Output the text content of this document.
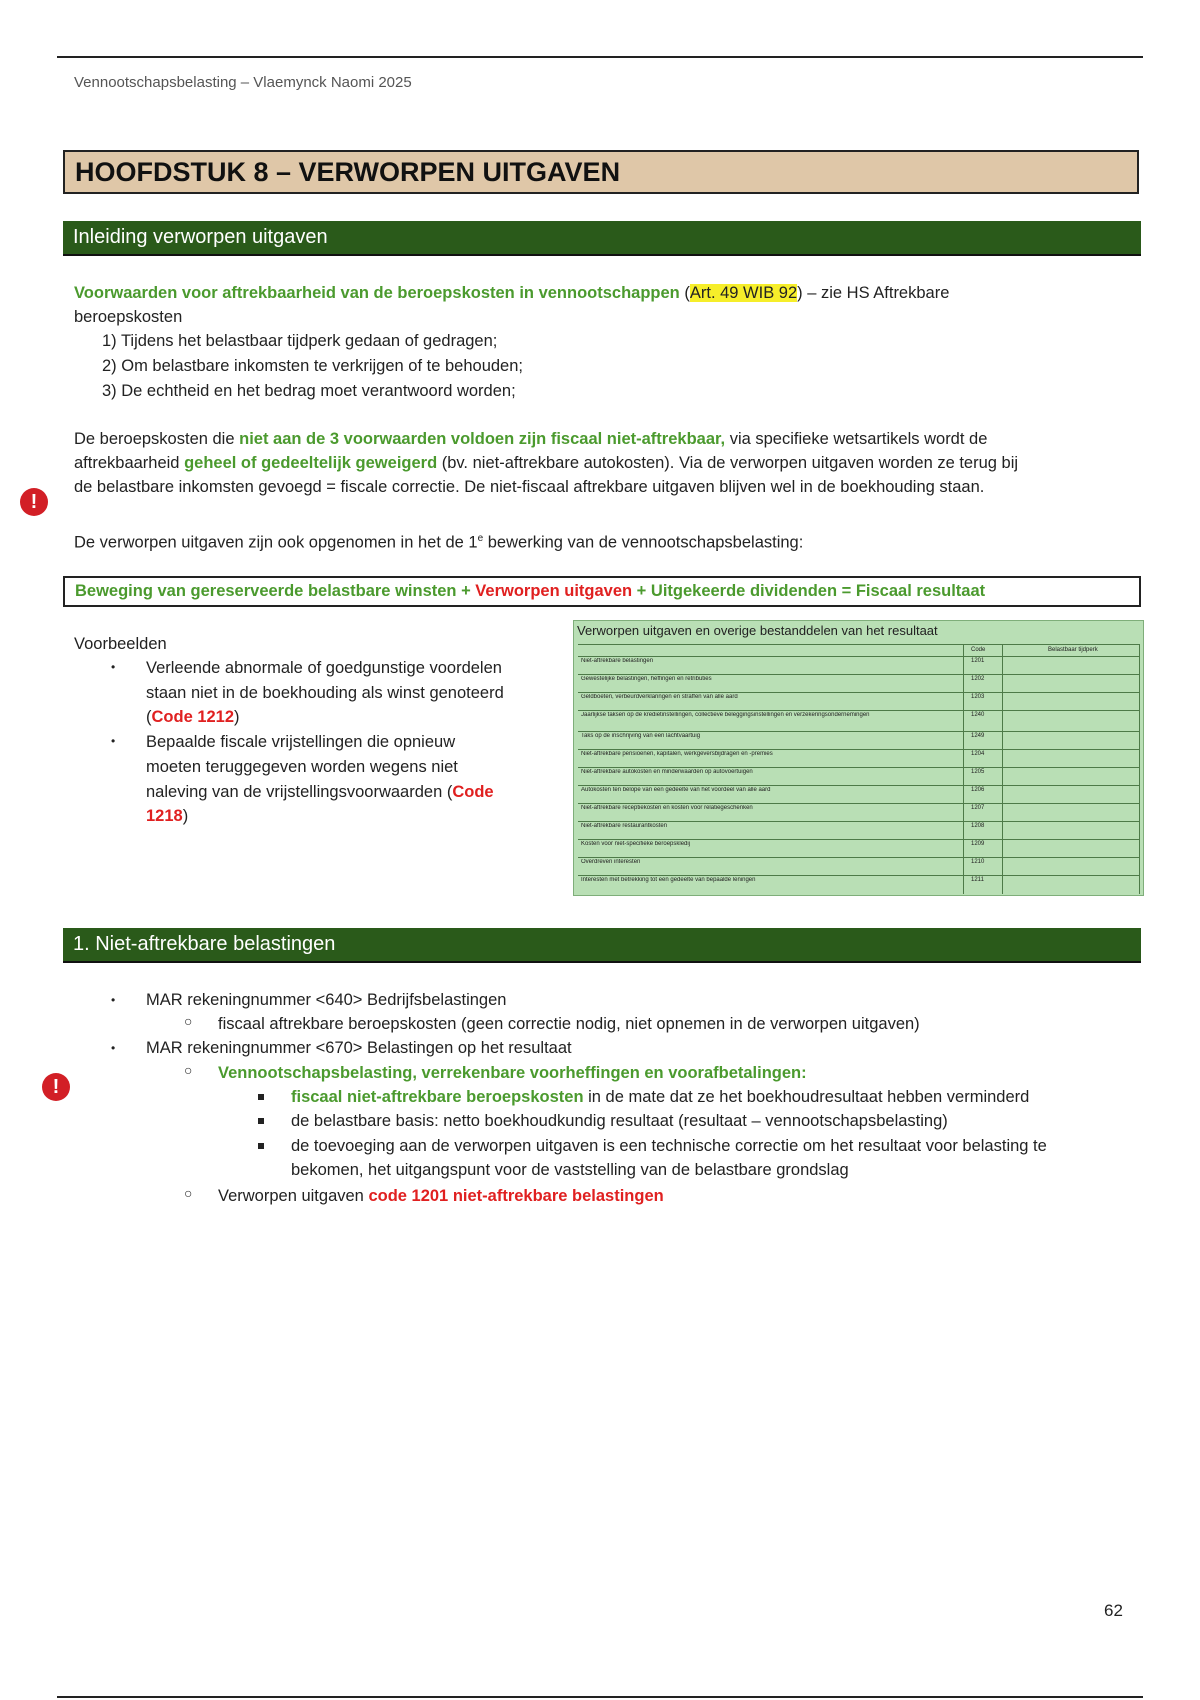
Vennootschapsbelasting – Vlaemynck Naomi 2025
HOOFDSTUK 8 – VERWORPEN UITGAVEN
Inleiding verworpen uitgaven
Voorwaarden voor aftrekbaarheid van de beroepskosten in vennootschappen (Art. 49 WIB 92) – zie HS Aftrekbare
beroepskosten
1) Tijdens het belastbaar tijdperk gedaan of gedragen;
2) Om belastbare inkomsten te verkrijgen of te behouden;
3) De echtheid en het bedrag moet verantwoord worden;
De beroepskosten die niet aan de 3 voorwaarden voldoen zijn fiscaal niet-aftrekbaar, via specifieke wetsartikels wordt de
aftrekbaarheid geheel of gedeeltelijk geweigerd (bv. niet-aftrekbare autokosten). Via de verworpen uitgaven worden ze terug bij
de belastbare inkomsten gevoegd = fiscale correctie. De niet-fiscaal aftrekbare uitgaven blijven wel in de boekhouding staan.
!
De verworpen uitgaven zijn ook opgenomen in het de 1e bewerking van de vennootschapsbelasting:
Beweging van gereserveerde belastbare winsten + Verworpen uitgaven + Uitgekeerde dividenden = Fiscaal resultaat
Voorbeelden
• Verleende abnormale of goedgunstige voordelen
staan niet in de boekhouding als winst genoteerd
(Code 1212)
• Bepaalde fiscale vrijstellingen die opnieuw
moeten teruggegeven worden wegens niet
naleving van de vrijstellingsvoorwaarden (Code
1218)
Verworpen uitgaven en overige bestanddelen van het resultaat
Code	Belastbaar tijdperk
Niet-aftrekbare belastingen	1201
Gewestelijke belastingen, heffingen en retributies	1202
Geldboeten, verbeurdverklaringen en straffen van alle aard	1203
Jaarlijkse taksen op de kredietinstellingen, collectieve beleggingsinstellingen en verzekeringsondernemingen	1240
Taks op de inschrijving van een lachtvaartuig	1249
Niet-aftrekbare pensioenen, kapitalen, werkgeversbijdragen en -premies	1204
Niet-aftrekbare autokosten en minderwaarden op autovoertuigen	1205
Autokosten ten belope van een gedeelte van het voordeel van alle aard	1206
Niet-aftrekbare receptiekosten en kosten voor relatiegeschenken	1207
Niet-aftrekbare restaurantkosten	1208
Kosten voor niet-specifieke beroepskledij	1209
Overdreven interesten	1210
Interesten met betrekking tot een gedeelte van bepaalde leningen	1211
1. Niet-aftrekbare belastingen
• MAR rekeningnummer <640> Bedrijfsbelastingen
○ fiscaal aftrekbare beroepskosten (geen correctie nodig, niet opnemen in de verworpen uitgaven)
• MAR rekeningnummer <670> Belastingen op het resultaat
!
○ Vennootschapsbelasting, verrekenbare voorheffingen en voorafbetalingen:
fiscaal niet-aftrekbare beroepskosten in de mate dat ze het boekhoudresultaat hebben verminderd
de belastbare basis: netto boekhoudkundig resultaat (resultaat – vennootschapsbelasting)
de toevoeging aan de verworpen uitgaven is een technische correctie om het resultaat voor belasting te
bekomen, het uitgangspunt voor de vaststelling van de belastbare grondslag
○ Verworpen uitgaven code 1201 niet-aftrekbare belastingen
62
